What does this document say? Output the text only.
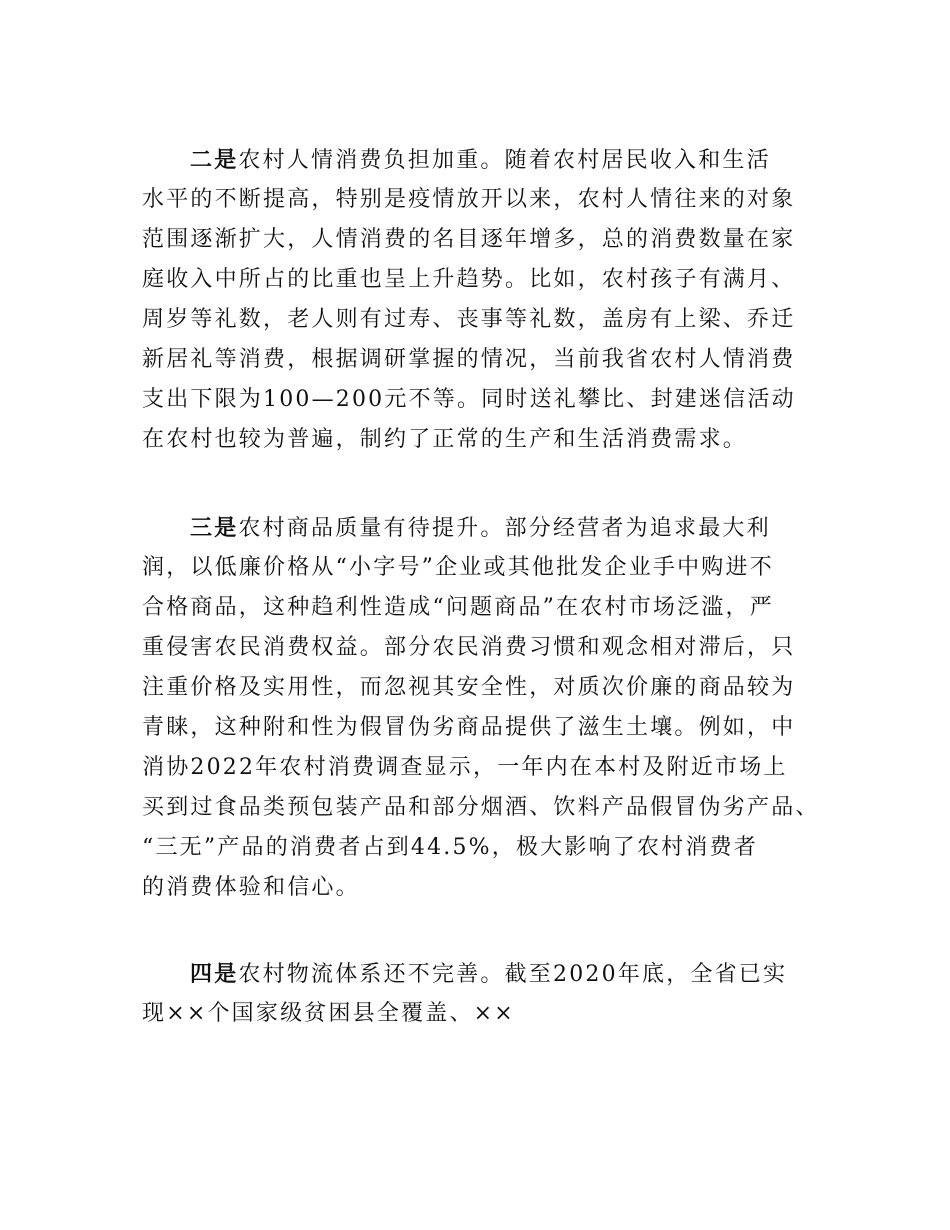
二是农村人情消费负担加重。随着农村居民收入和生活
水平的不断提高，特别是疫情放开以来，农村人情往来的对象
范围逐渐扩大，人情消费的名目逐年增多，总的消费数量在家
庭收入中所占的比重也呈上升趋势。比如，农村孩子有满月、
周岁等礼数，老人则有过寿、丧事等礼数，盖房有上梁、乔迁
新居礼等消费，根据调研掌握的情况，当前我省农村人情消费
支出下限为100—200元不等。同时送礼攀比、封建迷信活动
在农村也较为普遍，制约了正常的生产和生活消费需求。
三是农村商品质量有待提升。部分经营者为追求最大利
润，以低廉价格从“小字号”企业或其他批发企业手中购进不
合格商品，这种趋利性造成“问题商品”在农村市场泛滥，严
重侵害农民消费权益。部分农民消费习惯和观念相对滞后，只
注重价格及实用性，而忽视其安全性，对质次价廉的商品较为
青睐，这种附和性为假冒伪劣商品提供了滋生土壤。例如，中
消协2022年农村消费调查显示，一年内在本村及附近市场上
买到过食品类预包装产品和部分烟酒、饮料产品假冒伪劣产品、
“三无”产品的消费者占到44.5%，极大影响了农村消费者
的消费体验和信心。
四是农村物流体系还不完善。截至2020年底，全省已实
现××个国家级贫困县全覆盖、××
